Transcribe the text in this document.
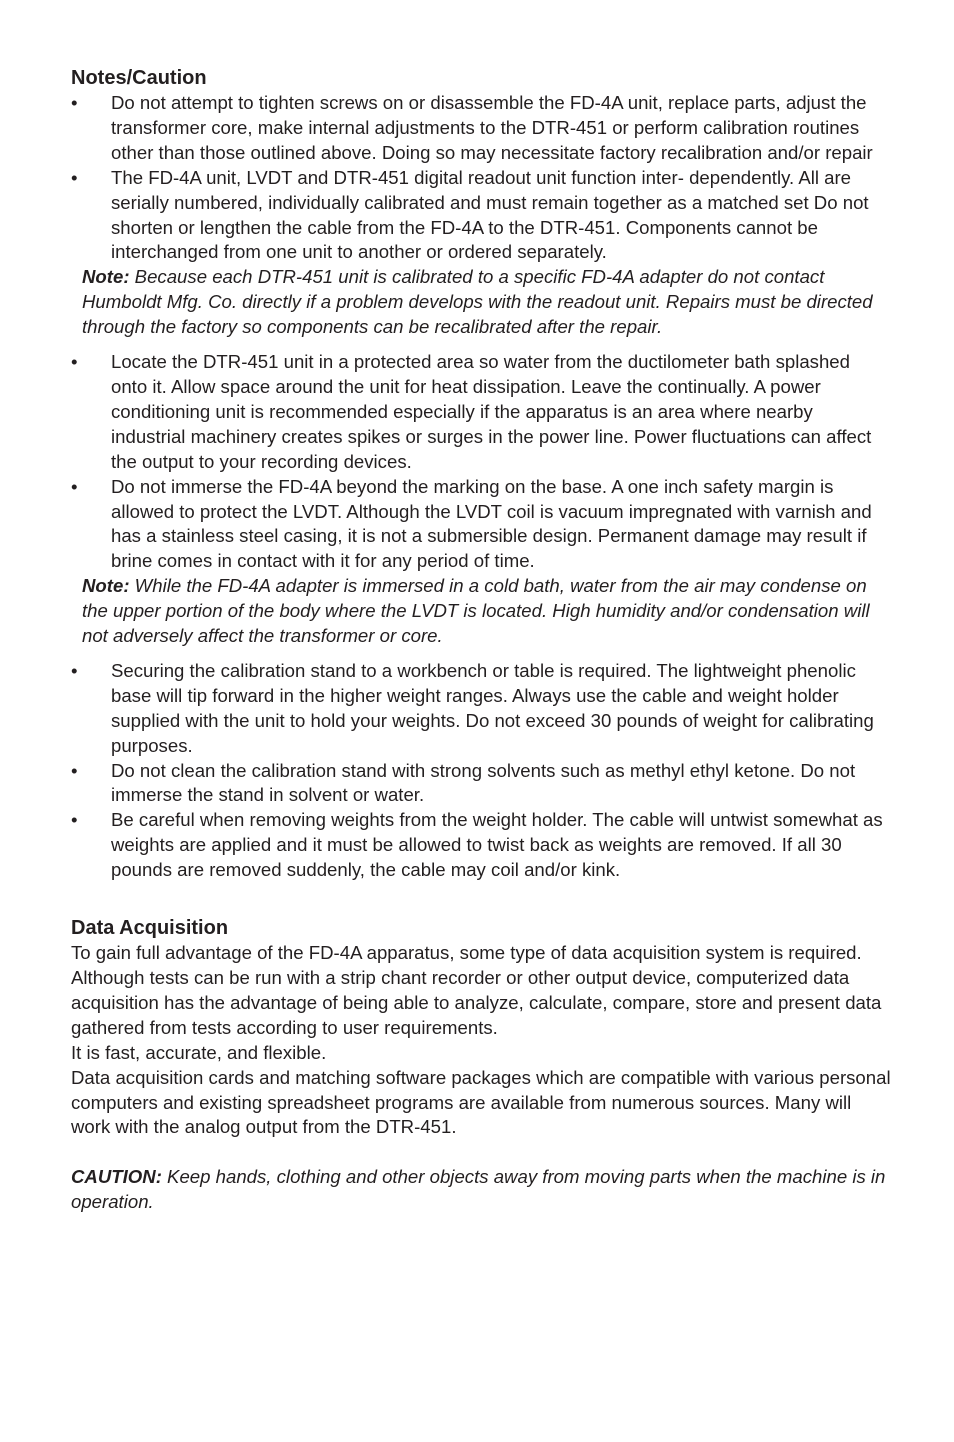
Notes/Caution
•	Do not attempt to tighten screws on or disassemble the FD-4A unit, replace parts, adjust the transformer core, make internal adjustments to the DTR-451 or perform calibration routines other than those outlined above. Doing so may necessitate factory recalibration and/or repair
•	The FD-4A unit, LVDT and DTR-451 digital readout unit function inter- dependently. All are serially numbered, individually calibrated and must remain together as a matched set Do not shorten or lengthen the cable from the FD-4A to the DTR-451. Components cannot be interchanged from one unit to another or ordered separately.

Note: Because each DTR-451 unit is calibrated to a specific FD-4A adapter do not contact Humboldt Mfg. Co. directly if a problem develops with the readout unit. Repairs must be directed through the factory so components can be recalibrated after the repair.

•	Locate the DTR-451 unit in a protected area so water from the ductilometer bath splashed onto it. Allow space around the unit for heat dissipation. Leave the continually. A power conditioning unit is recommended especially if the apparatus is an area where nearby industrial machinery creates spikes or surges in the power line. Power fluctuations can affect the output to your recording devices.
•	Do not immerse the FD-4A beyond the marking on the base. A one inch safety margin is allowed to protect the LVDT. Although the LVDT coil is vacuum impregnated with varnish and has a stainless steel casing, it is not a submersible design. Permanent damage may result if brine comes in contact with it for any period of time.

Note: While the FD-4A adapter is immersed in a cold bath, water from the air may condense on the upper portion of the body where the LVDT is located. High humidity and/or condensation will not adversely affect the transformer or core.

•	Securing the calibration stand to a workbench or table is required. The lightweight phenolic base will tip forward in the higher weight ranges. Always use the cable and weight holder supplied with the unit to hold your weights. Do not exceed 30 pounds of weight for calibrating purposes.
•	Do not clean the calibration stand with strong solvents such as methyl ethyl ketone. Do not immerse the stand in solvent or water.
•	Be careful when removing weights from the weight holder. The cable will untwist somewhat as weights are applied and it must be allowed to twist back as weights are removed. If all 30 pounds are removed suddenly, the cable may coil and/or kink.
Data Acquisition

To gain full advantage of the FD-4A apparatus, some type of data acquisition system is required. Although tests can be run with a strip chant recorder or other output device, computerized data acquisition has the advantage of being able to analyze, calculate, compare, store and present data gathered from tests according to user requirements.
It is fast, accurate, and flexible.

Data acquisition cards and matching software packages which are compatible with various personal computers and existing spreadsheet programs are available from numerous sources. Many will work with the analog output from the DTR-451.

CAUTION: Keep hands, clothing and other objects away from moving parts when the machine is in operation.
